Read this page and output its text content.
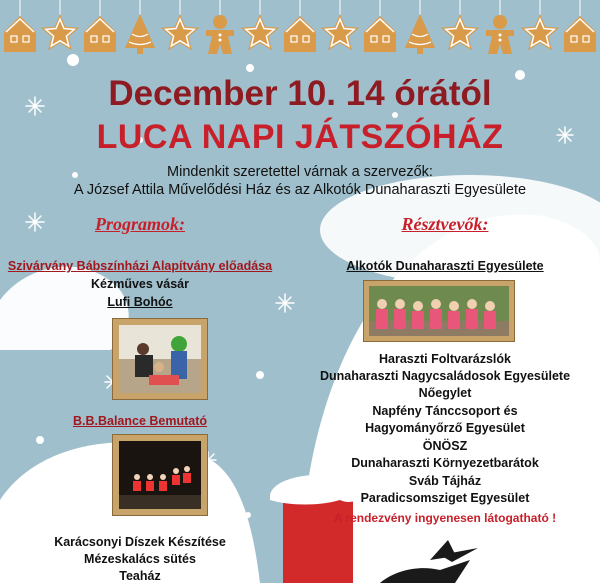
December 10. 14 órától
LUCA NAPI JÁTSZÓHÁZ
Mindenkit szeretettel várnak a szervezők:
A József Attila Művelődési Ház és az Alkotók Dunaharaszti Egyesülete
Programok:
Szivárvány Bábszínházi Alapítvány előadása
Kézműves vásár
Lufi Bohóc
B.B.Balance Bemutató
Karácsonyi Díszek Készítése
Mézeskalács sütés
Teaház
Résztvevők:
Alkotók Dunaharaszti Egyesülete
Haraszti Foltvarázslók
Dunaharaszti Nagycsaládosok Egyesülete
Nőegylet
Napfény Tánccsoport és
Hagyományőrző Egyesület
ÖNÖSZ
Dunaharaszti Környezetbarátok
Sváb Tájház
Paradicsomsziget Egyesület
A rendezvény ingyenesen látogatható !
